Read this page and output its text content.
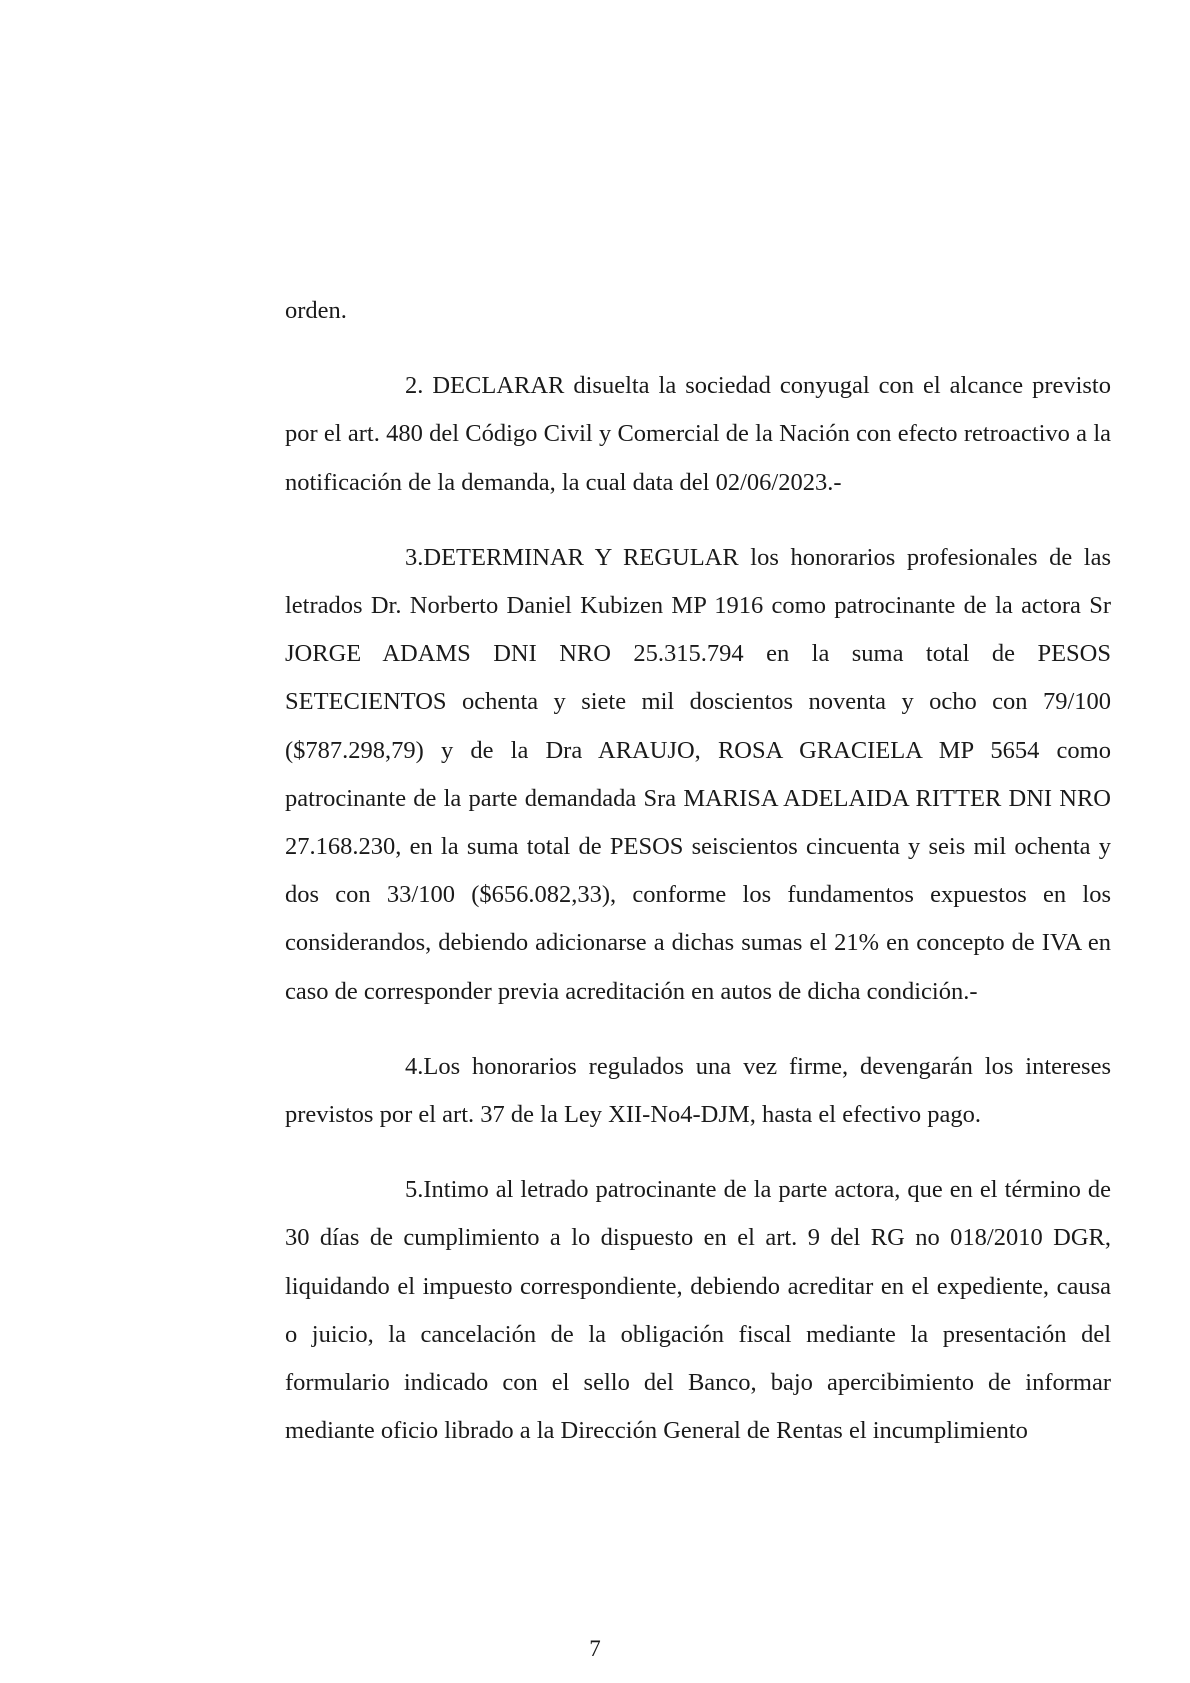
orden.

2. DECLARAR disuelta la sociedad conyugal con el alcance previsto por el art. 480 del Código Civil y Comercial de la Nación con efecto retroactivo a la notificación de la demanda, la cual data del 02/06/2023.-

3.DETERMINAR Y REGULAR los honorarios profesionales de las letrados Dr. Norberto Daniel Kubizen MP 1916 como patrocinante de la actora Sr JORGE ADAMS DNI NRO 25.315.794 en la suma total de PESOS SETECIENTOS ochenta y siete mil doscientos noventa y ocho con 79/100 ($787.298,79) y de la Dra ARAUJO, ROSA GRACIELA MP 5654 como patrocinante de la parte demandada Sra MARISA ADELAIDA RITTER DNI NRO 27.168.230, en la suma total de PESOS seiscientos cincuenta y seis mil ochenta y dos con 33/100 ($656.082,33), conforme los fundamentos expuestos en los considerandos, debiendo adicionarse a dichas sumas el 21% en concepto de IVA en caso de corresponder previa acreditación en autos de dicha condición.-

4.Los honorarios regulados una vez firme, devengarán los intereses previstos por el art. 37 de la Ley XII-No4-DJM, hasta el efectivo pago.

5.Intimo al letrado patrocinante de la parte actora, que en el término de 30 días de cumplimiento a lo dispuesto en el art. 9 del RG no 018/2010 DGR, liquidando el impuesto correspondiente, debiendo acreditar en el expediente, causa o juicio, la cancelación de la obligación fiscal mediante la presentación del formulario indicado con el sello del Banco, bajo apercibimiento de informar mediante oficio librado a la Dirección General de Rentas el incumplimiento

7
